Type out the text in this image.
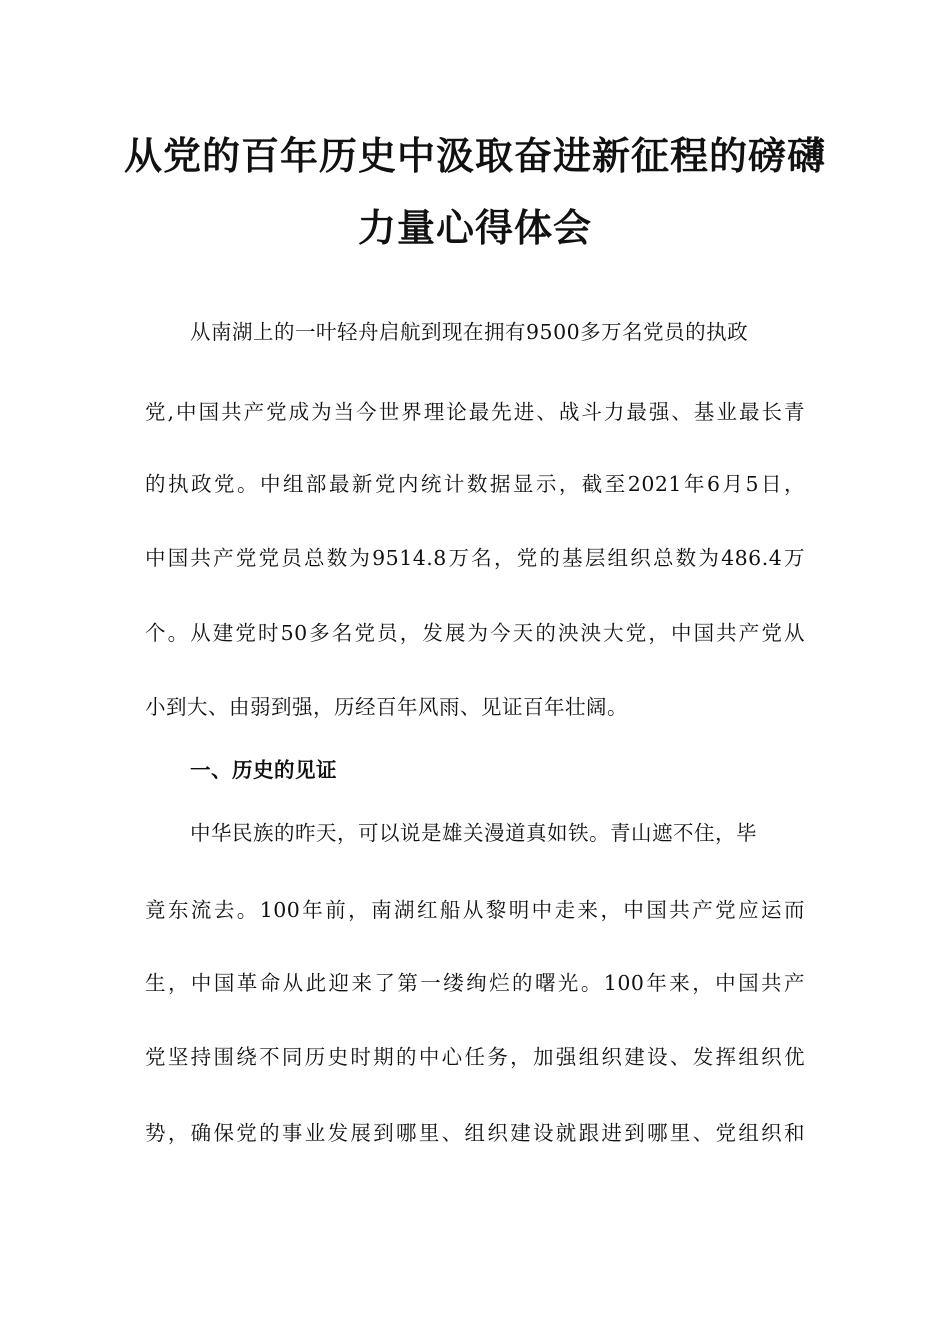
从党的百年历史中汲取奋进新征程的磅礴
力量心得体会
从南湖上的一叶轻舟启航到现在拥有9500多万名党员的执政
党,中国共产党成为当今世界理论最先进、战斗力最强、基业最长青
的执政党。中组部最新党内统计数据显示，截至2021年6月5日，
中国共产党党员总数为9514.8万名，党的基层组织总数为486.4万
个。从建党时50多名党员，发展为今天的泱泱大党，中国共产党从
小到大、由弱到强，历经百年风雨、见证百年壮阔。
一、历史的见证
中华民族的昨天，可以说是雄关漫道真如铁。青山遮不住，毕
竟东流去。100年前，南湖红船从黎明中走来，中国共产党应运而
生，中国革命从此迎来了第一缕绚烂的曙光。100年来，中国共产
党坚持围绕不同历史时期的中心任务，加强组织建设、发挥组织优
势，确保党的事业发展到哪里、组织建设就跟进到哪里、党组织和
